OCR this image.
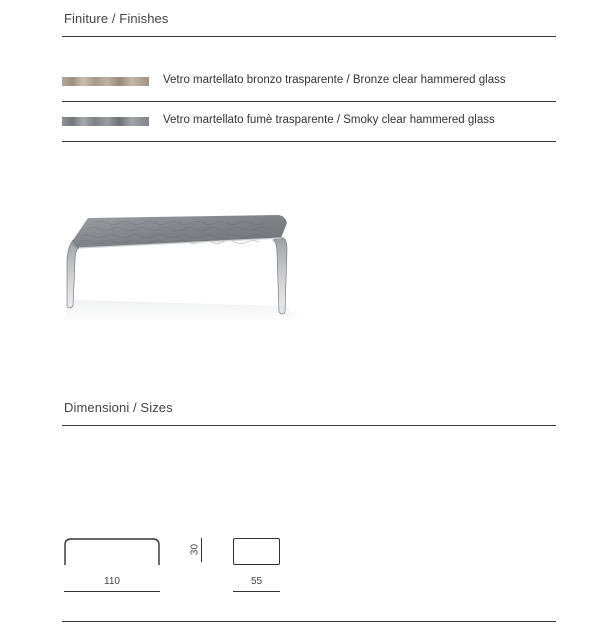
Finiture / Finishes
Vetro martellato bronzo trasparente / Bronze clear hammered glass
Vetro martellato fumè trasparente / Smoky clear hammered glass
Dimensioni / Sizes
110
30
55
